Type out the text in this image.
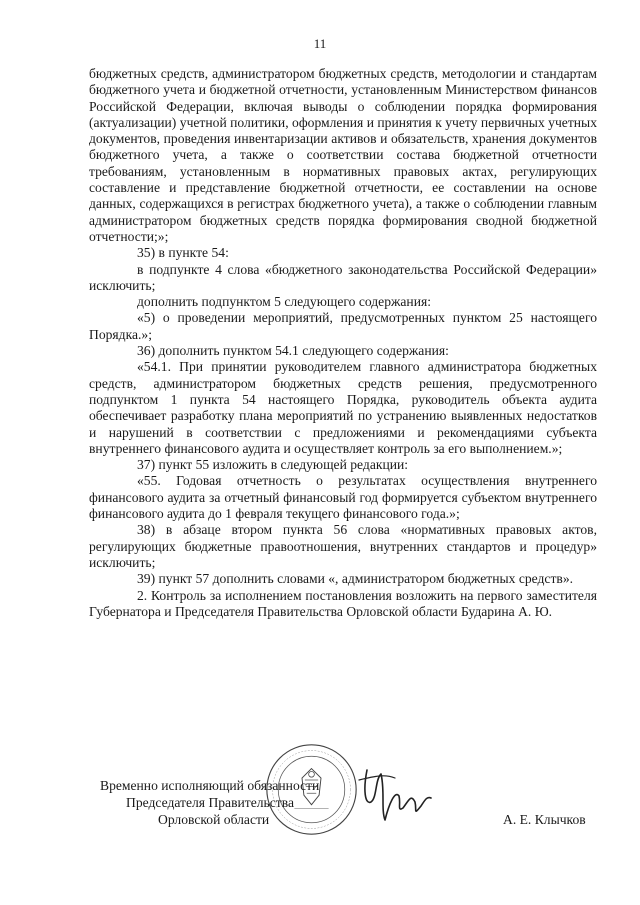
11

бюджетных средств, администратором бюджетных средств, методологии и стандартам бюджетного учета и бюджетной отчетности, установленным Министерством финансов Российской Федерации, включая выводы о соблюдении порядка формирования (актуализации) учетной политики, оформления и принятия к учету первичных учетных документов, проведения инвентаризации активов и обязательств, хранения документов бюджетного учета, а также о соответствии состава бюджетной отчетности требованиям, установленным в нормативных правовых актах, регулирующих составление и представление бюджетной отчетности, ее составлении на основе данных, содержащихся в регистрах бюджетного учета), а также о соблюдении главным администратором бюджетных средств порядка формирования сводной бюджетной отчетности;»;

35) в пункте 54:

в подпункте 4 слова «бюджетного законодательства Российской Федерации» исключить;

дополнить подпунктом 5 следующего содержания:

«5) о проведении мероприятий, предусмотренных пунктом 25 настоящего Порядка.»;

36) дополнить пунктом 54.1 следующего содержания:

«54.1. При принятии руководителем главного администратора бюджетных средств, администратором бюджетных средств решения, предусмотренного подпунктом 1 пункта 54 настоящего Порядка, руководитель объекта аудита обеспечивает разработку плана мероприятий по устранению выявленных недостатков и нарушений в соответствии с предложениями и рекомендациями субъекта внутреннего финансового аудита и осуществляет контроль за его выполнением.»;

37) пункт 55 изложить в следующей редакции:

«55. Годовая отчетность о результатах осуществления внутреннего финансового аудита за отчетный финансовый год формируется субъектом внутреннего финансового аудита до 1 февраля текущего финансового года.»;

38) в абзаце втором пункта 56 слова «нормативных правовых актов, регулирующих бюджетные правоотношения, внутренних стандартов и процедур» исключить;

39) пункт 57 дополнить словами «, администратором бюджетных средств».

2. Контроль за исполнением постановления возложить на первого заместителя Губернатора и Председателя Правительства Орловской области Бударина А. Ю.

Временно исполняющий обязанности
Председателя Правительства
Орловской области	А. Е. Клычков
